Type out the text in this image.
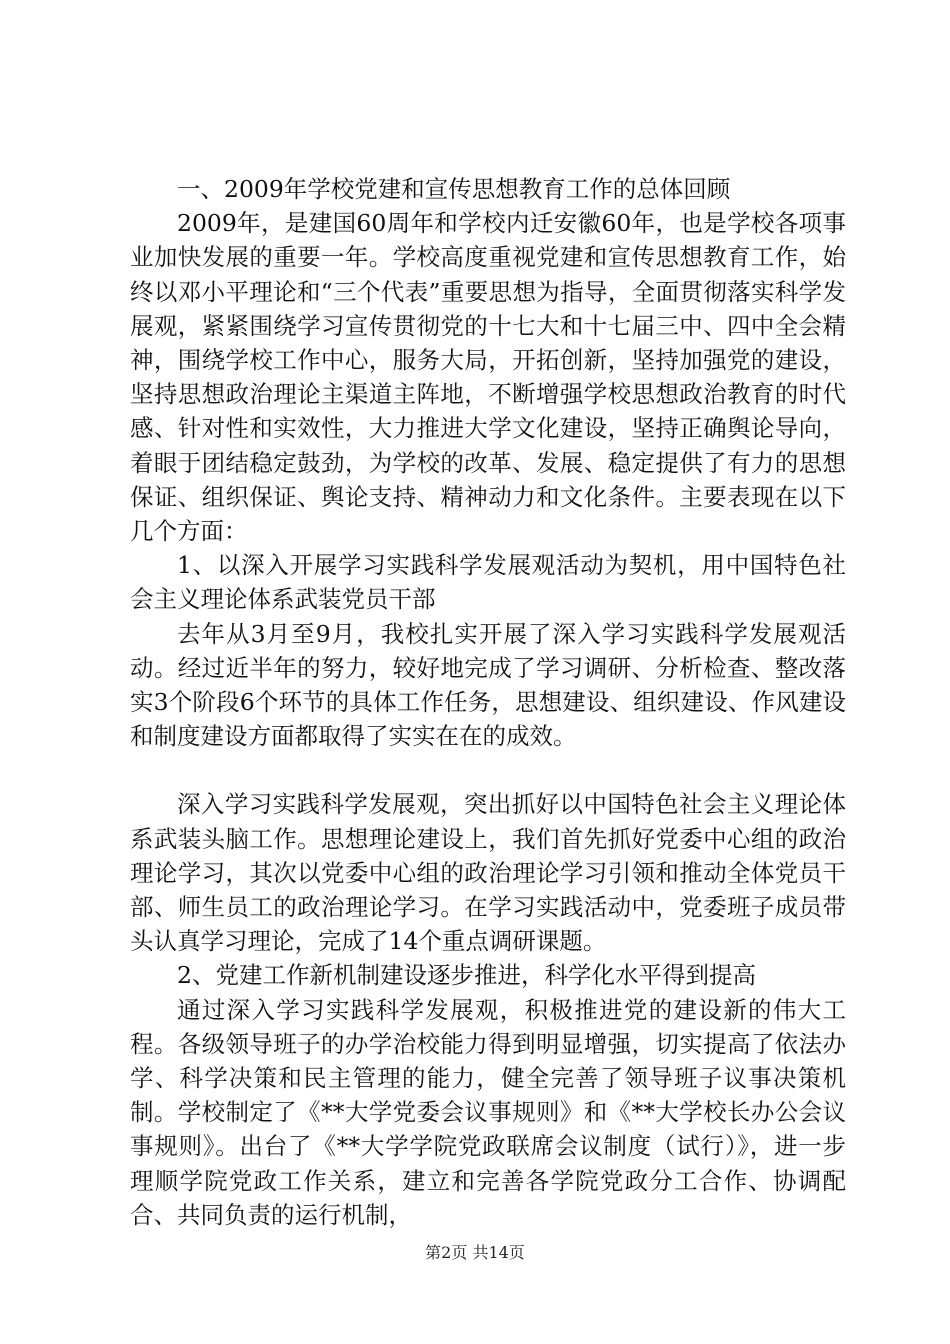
一、2009年学校党建和宣传思想教育工作的总体回顾

2009年，是建国60周年和学校内迁安徽60年，也是学校各项事业加快发展的重要一年。学校高度重视党建和宣传思想教育工作，始终以邓小平理论和“三个代表”重要思想为指导，全面贯彻落实科学发展观，紧紧围绕学习宣传贯彻党的十七大和十七届三中、四中全会精神，围绕学校工作中心，服务大局，开拓创新，坚持加强党的建设，坚持思想政治理论主渠道主阵地，不断增强学校思想政治教育的时代感、针对性和实效性，大力推进大学文化建设，坚持正确舆论导向，着眼于团结稳定鼓劲，为学校的改革、发展、稳定提供了有力的思想保证、组织保证、舆论支持、精神动力和文化条件。主要表现在以下几个方面：

1、以深入开展学习实践科学发展观活动为契机，用中国特色社会主义理论体系武装党员干部

去年从3月至9月，我校扎实开展了深入学习实践科学发展观活动。经过近半年的努力，较好地完成了学习调研、分析检查、整改落实3个阶段6个环节的具体工作任务，思想建设、组织建设、作风建设和制度建设方面都取得了实实在在的成效。

深入学习实践科学发展观，突出抓好以中国特色社会主义理论体系武装头脑工作。思想理论建设上，我们首先抓好党委中心组的政治理论学习，其次以党委中心组的政治理论学习引领和推动全体党员干部、师生员工的政治理论学习。在学习实践活动中，党委班子成员带头认真学习理论，完成了14个重点调研课题。

2、党建工作新机制建设逐步推进，科学化水平得到提高

通过深入学习实践科学发展观，积极推进党的建设新的伟大工程。各级领导班子的办学治校能力得到明显增强，切实提高了依法办学、科学决策和民主管理的能力，健全完善了领导班子议事决策机制。学校制定了《**大学党委会议事规则》和《**大学校长办公会议事规则》。出台了《**大学学院党政联席会议制度（试行）》，进一步理顺学院党政工作关系，建立和完善各学院党政分工合作、协调配合、共同负责的运行机制，

第2页 共14页
